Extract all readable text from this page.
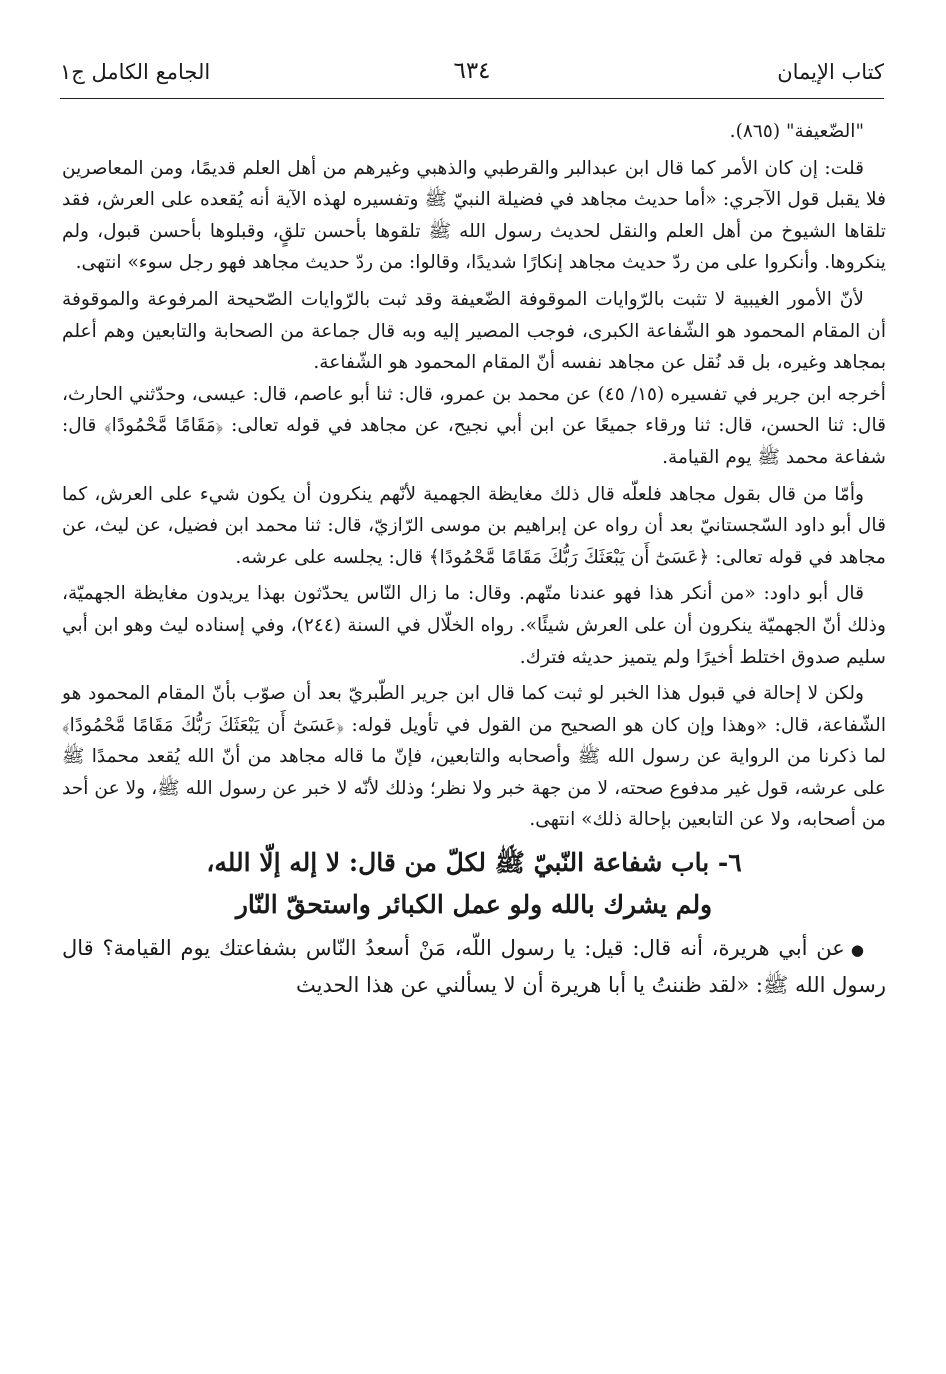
كتاب الإيمان
٦٣٤
الجامع الكامل ج١

"الضّعيفة" (٨٦٥).

قلت: إن كان الأمر كما قال ابن عبدالبر والقرطبي والذهبي وغيرهم من أهل العلم قديمًا، ومن المعاصرين فلا يقبل قول الآجري: «أما حديث مجاهد في فضيلة النبيّ ﷺ وتفسيره لهذه الآية أنه يُقعده على العرش، فقد تلقاها الشيوخ من أهل العلم والنقل لحديث رسول الله ﷺ تلقوها بأحسن تلقٍ، وقبلوها بأحسن قبول، ولم ينكروها. وأنكروا على من ردّ حديث مجاهد إنكارًا شديدًا، وقالوا: من ردّ حديث مجاهد فهو رجل سوء» انتهى.

لأنّ الأمور الغيبية لا تثبت بالرّوايات الموقوفة الضّعيفة وقد ثبت بالرّوايات الصّحيحة المرفوعة والموقوفة أن المقام المحمود هو الشّفاعة الكبرى، فوجب المصير إليه وبه قال جماعة من الصحابة والتابعين وهم أعلم بمجاهد وغيره، بل قد نُقل عن مجاهد نفسه أنّ المقام المحمود هو الشّفاعة.

أخرجه ابن جرير في تفسيره (١٥/ ٤٥) عن محمد بن عمرو، قال: ثنا أبو عاصم، قال: عيسى، وحدّثني الحارث، قال: ثنا الحسن، قال: ثنا ورقاء جميعًا عن ابن أبي نجيح، عن مجاهد في قوله تعالى: ﴿مَقَامًا مَّحْمُودًا﴾ قال: شفاعة محمد ﷺ يوم القيامة.

وأمّا من قال بقول مجاهد فلعلّه قال ذلك مغايظة الجهمية لأنّهم ينكرون أن يكون شيء على العرش، كما قال أبو داود السّجستانيّ بعد أن رواه عن إبراهيم بن موسى الرّازيّ، قال: ثنا محمد ابن فضيل، عن ليث، عن مجاهد في قوله تعالى: ﴿عَسَىٰٓ أَن يَبْعَثَكَ رَبُّكَ مَقَامًا مَّحْمُودًا﴾ قال: يجلسه على عرشه.

قال أبو داود: «من أنكر هذا فهو عندنا متّهم. وقال: ما زال النّاس يحدّثون بهذا يريدون مغايظة الجهميّة، وذلك أنّ الجهميّة ينكرون أن على العرش شيئًا». رواه الخلّال في السنة (٢٤٤)، وفي إسناده ليث وهو ابن أبي سليم صدوق اختلط أخيرًا ولم يتميز حديثه فترك.

ولكن لا إحالة في قبول هذا الخبر لو ثبت كما قال ابن جرير الطّبريّ بعد أن صوّب بأنّ المقام المحمود هو الشّفاعة، قال: «وهذا وإن كان هو الصحيح من القول في تأويل قوله: ﴿عَسَىٰٓ أَن يَبْعَثَكَ رَبُّكَ مَقَامًا مَّحْمُودًا﴾ لما ذكرنا من الرواية عن رسول الله ﷺ وأصحابه والتابعين، فإنّ ما قاله مجاهد من أنّ الله يُقعد محمدًا ﷺ على عرشه، قول غير مدفوع صحته، لا من جهة خبر ولا نظر؛ وذلك لأنّه لا خبر عن رسول الله ﷺ، ولا عن أحد من أصحابه، ولا عن التابعين بإحالة ذلك» انتهى.

٦- باب شفاعة النّبيّ ﷺ لكلّ من قال: لا إله إلّا الله،
ولم يشرك بالله ولو عمل الكبائر واستحقّ النّار

●عن أبي هريرة، أنه قال: قيل: يا رسول اللّه، مَنْ أسعدُ النّاس بشفاعتك يوم القيامة؟ قال رسول الله ﷺ: «لقد ظننتُ يا أبا هريرة أن لا يسألني عن هذا الحديث
